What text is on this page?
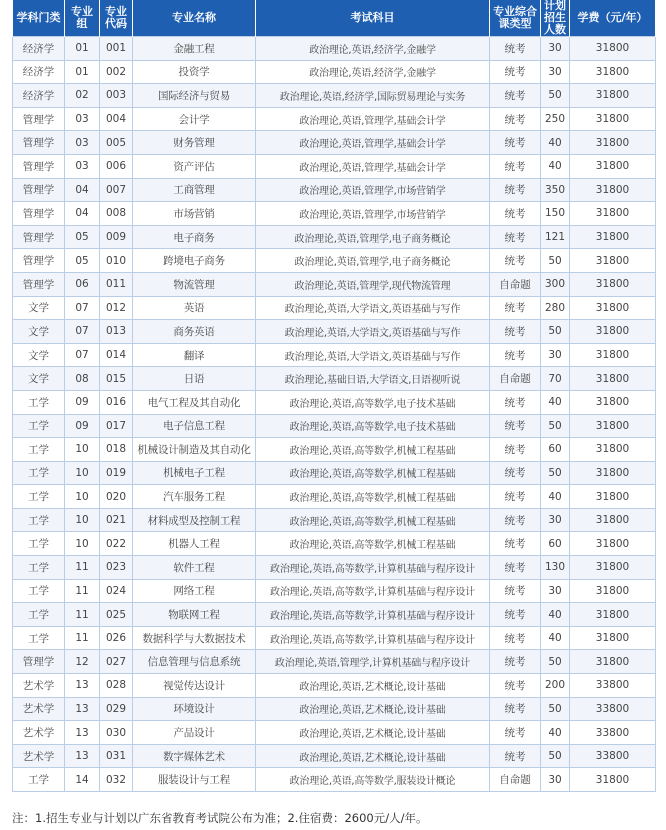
学科门类	专业组	专业代码	专业名称	考试科目	专业综合课类型	计划招生人数	学费（元/年）
经济学	01	001	金融工程	政治理论,英语,经济学,金融学	统考	30	31800
经济学	01	002	投资学	政治理论,英语,经济学,金融学	统考	30	31800
经济学	02	003	国际经济与贸易	政治理论,英语,经济学,国际贸易理论与实务	统考	50	31800
管理学	03	004	会计学	政治理论,英语,管理学,基础会计学	统考	250	31800
管理学	03	005	财务管理	政治理论,英语,管理学,基础会计学	统考	40	31800
管理学	03	006	资产评估	政治理论,英语,管理学,基础会计学	统考	40	31800
管理学	04	007	工商管理	政治理论,英语,管理学,市场营销学	统考	350	31800
管理学	04	008	市场营销	政治理论,英语,管理学,市场营销学	统考	150	31800
管理学	05	009	电子商务	政治理论,英语,管理学,电子商务概论	统考	121	31800
管理学	05	010	跨境电子商务	政治理论,英语,管理学,电子商务概论	统考	50	31800
管理学	06	011	物流管理	政治理论,英语,管理学,现代物流管理	自命题	300	31800
文学	07	012	英语	政治理论,英语,大学语文,英语基础与写作	统考	280	31800
文学	07	013	商务英语	政治理论,英语,大学语文,英语基础与写作	统考	50	31800
文学	07	014	翻译	政治理论,英语,大学语文,英语基础与写作	统考	30	31800
文学	08	015	日语	政治理论,基础日语,大学语文,日语视听说	自命题	70	31800
工学	09	016	电气工程及其自动化	政治理论,英语,高等数学,电子技术基础	统考	40	31800
工学	09	017	电子信息工程	政治理论,英语,高等数学,电子技术基础	统考	50	31800
工学	10	018	机械设计制造及其自动化	政治理论,英语,高等数学,机械工程基础	统考	60	31800
工学	10	019	机械电子工程	政治理论,英语,高等数学,机械工程基础	统考	50	31800
工学	10	020	汽车服务工程	政治理论,英语,高等数学,机械工程基础	统考	40	31800
工学	10	021	材料成型及控制工程	政治理论,英语,高等数学,机械工程基础	统考	30	31800
工学	10	022	机器人工程	政治理论,英语,高等数学,机械工程基础	统考	60	31800
工学	11	023	软件工程	政治理论,英语,高等数学,计算机基础与程序设计	统考	130	31800
工学	11	024	网络工程	政治理论,英语,高等数学,计算机基础与程序设计	统考	30	31800
工学	11	025	物联网工程	政治理论,英语,高等数学,计算机基础与程序设计	统考	40	31800
工学	11	026	数据科学与大数据技术	政治理论,英语,高等数学,计算机基础与程序设计	统考	40	31800
管理学	12	027	信息管理与信息系统	政治理论,英语,管理学,计算机基础与程序设计	统考	50	31800
艺术学	13	028	视觉传达设计	政治理论,英语,艺术概论,设计基础	统考	200	33800
艺术学	13	029	环境设计	政治理论,英语,艺术概论,设计基础	统考	50	33800
艺术学	13	030	产品设计	政治理论,英语,艺术概论,设计基础	统考	40	33800
艺术学	13	031	数字媒体艺术	政治理论,英语,艺术概论,设计基础	统考	50	33800
工学	14	032	服装设计与工程	政治理论,英语,高等数学,服装设计概论	自命题	30	31800
注：1.招生专业与计划以广东省教育考试院公布为准；2.住宿费：2600元/人/年。
